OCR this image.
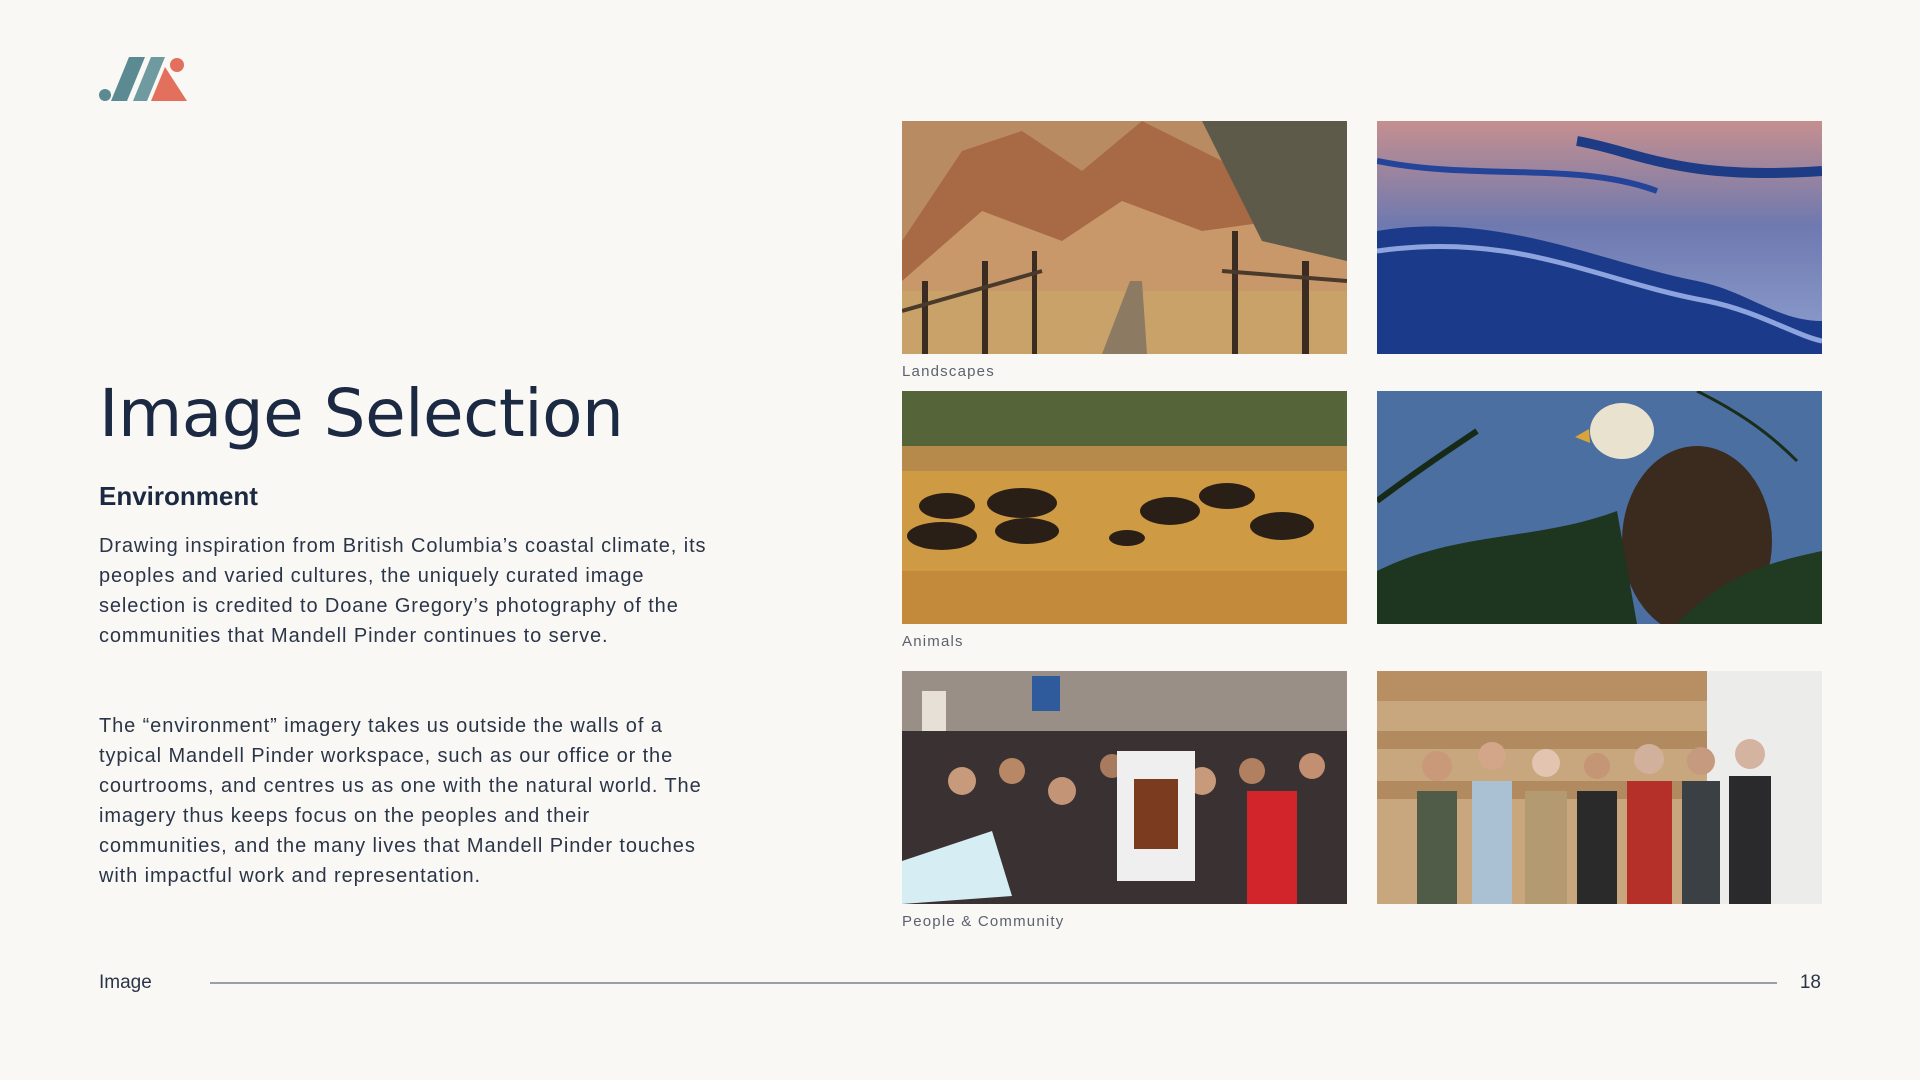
Image Selection
Environment

Drawing inspiration from British Columbia’s coastal climate, its peoples and varied cultures, the uniquely curated image selection is credited to Doane Gregory’s photography of the communities that Mandell Pinder continues to serve.

The “environment” imagery takes us outside the walls of a typical Mandell Pinder workspace, such as our office or the courtrooms, and centres us as one with the natural world. The imagery thus keeps focus on the peoples and their communities, and the many lives that Mandell Pinder touches with impactful work and representation.

Landscapes

Animals

People & Community

Image	18
